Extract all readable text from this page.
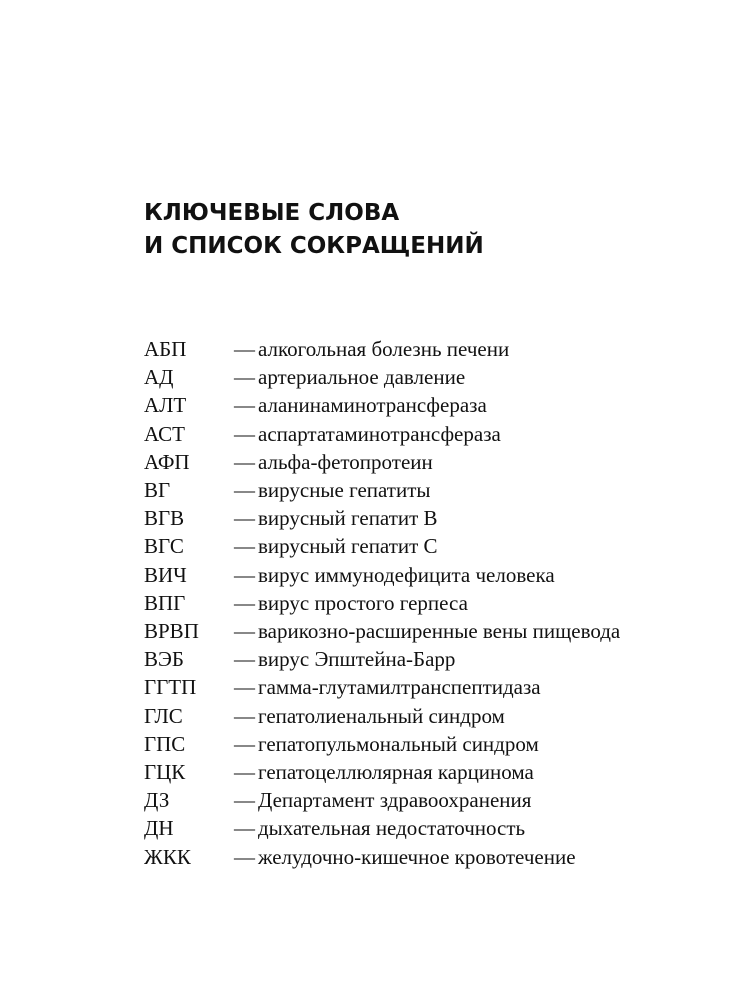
КЛЮЧЕВЫЕ СЛОВА
И СПИСОК СОКРАЩЕНИЙ
АБП	— алкогольная болезнь печени
АД	— артериальное давление
АЛТ	— аланинаминотрансфераза
АСТ	— аспартатаминотрансфераза
АФП	— альфа-фетопротеин
ВГ	— вирусные гепатиты
ВГВ	— вирусный гепатит В
ВГС	— вирусный гепатит С
ВИЧ	— вирус иммунодефицита человека
ВПГ	— вирус простого герпеса
ВРВП	— варикозно-расширенные вены пищевода
ВЭБ	— вирус Эпштейна-Барр
ГГТП	— гамма-глутамилтранспептидаза
ГЛС	— гепатолиенальный синдром
ГПС	— гепатопульмональный синдром
ГЦК	— гепатоцеллюлярная карцинома
ДЗ	— Департамент здравоохранения
ДН	— дыхательная недостаточность
ЖКК	— желудочно-кишечное кровотечение
